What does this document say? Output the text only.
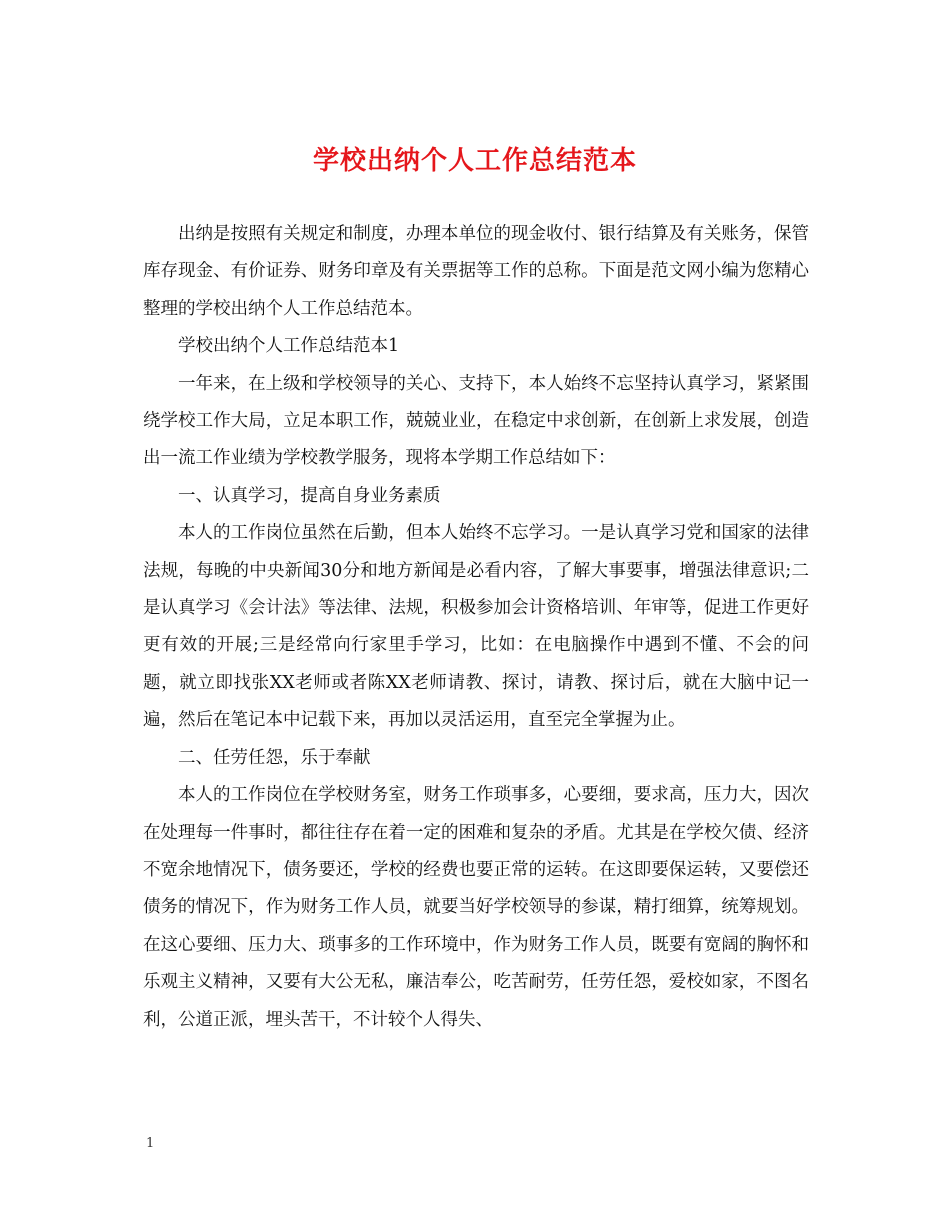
学校出纳个人工作总结范本

出纳是按照有关规定和制度，办理本单位的现金收付、银行结算及有关账务，保管库存现金、有价证券、财务印章及有关票据等工作的总称。下面是范文网小编为您精心整理的学校出纳个人工作总结范本。

学校出纳个人工作总结范本1

一年来，在上级和学校领导的关心、支持下，本人始终不忘坚持认真学习，紧紧围绕学校工作大局，立足本职工作，兢兢业业，在稳定中求创新，在创新上求发展，创造出一流工作业绩为学校教学服务，现将本学期工作总结如下：

一、认真学习，提高自身业务素质

本人的工作岗位虽然在后勤，但本人始终不忘学习。一是认真学习党和国家的法律法规，每晚的中央新闻30分和地方新闻是必看内容，了解大事要事，增强法律意识;二是认真学习《会计法》等法律、法规，积极参加会计资格培训、年审等，促进工作更好更有效的开展;三是经常向行家里手学习，比如：在电脑操作中遇到不懂、不会的问题，就立即找张XX老师或者陈XX老师请教、探讨，请教、探讨后，就在大脑中记一遍，然后在笔记本中记载下来，再加以灵活运用，直至完全掌握为止。

二、任劳任怨，乐于奉献

本人的工作岗位在学校财务室，财务工作琐事多，心要细，要求高，压力大，因次在处理每一件事时，都往往存在着一定的困难和复杂的矛盾。尤其是在学校欠债、经济不宽余地情况下，债务要还，学校的经费也要正常的运转。在这即要保运转，又要偿还债务的情况下，作为财务工作人员，就要当好学校领导的参谋，精打细算，统筹规划。在这心要细、压力大、琐事多的工作环境中，作为财务工作人员，既要有宽阔的胸怀和乐观主义精神，又要有大公无私，廉洁奉公，吃苦耐劳，任劳任怨，爱校如家，不图名利，公道正派，埋头苦干，不计较个人得失、

1
